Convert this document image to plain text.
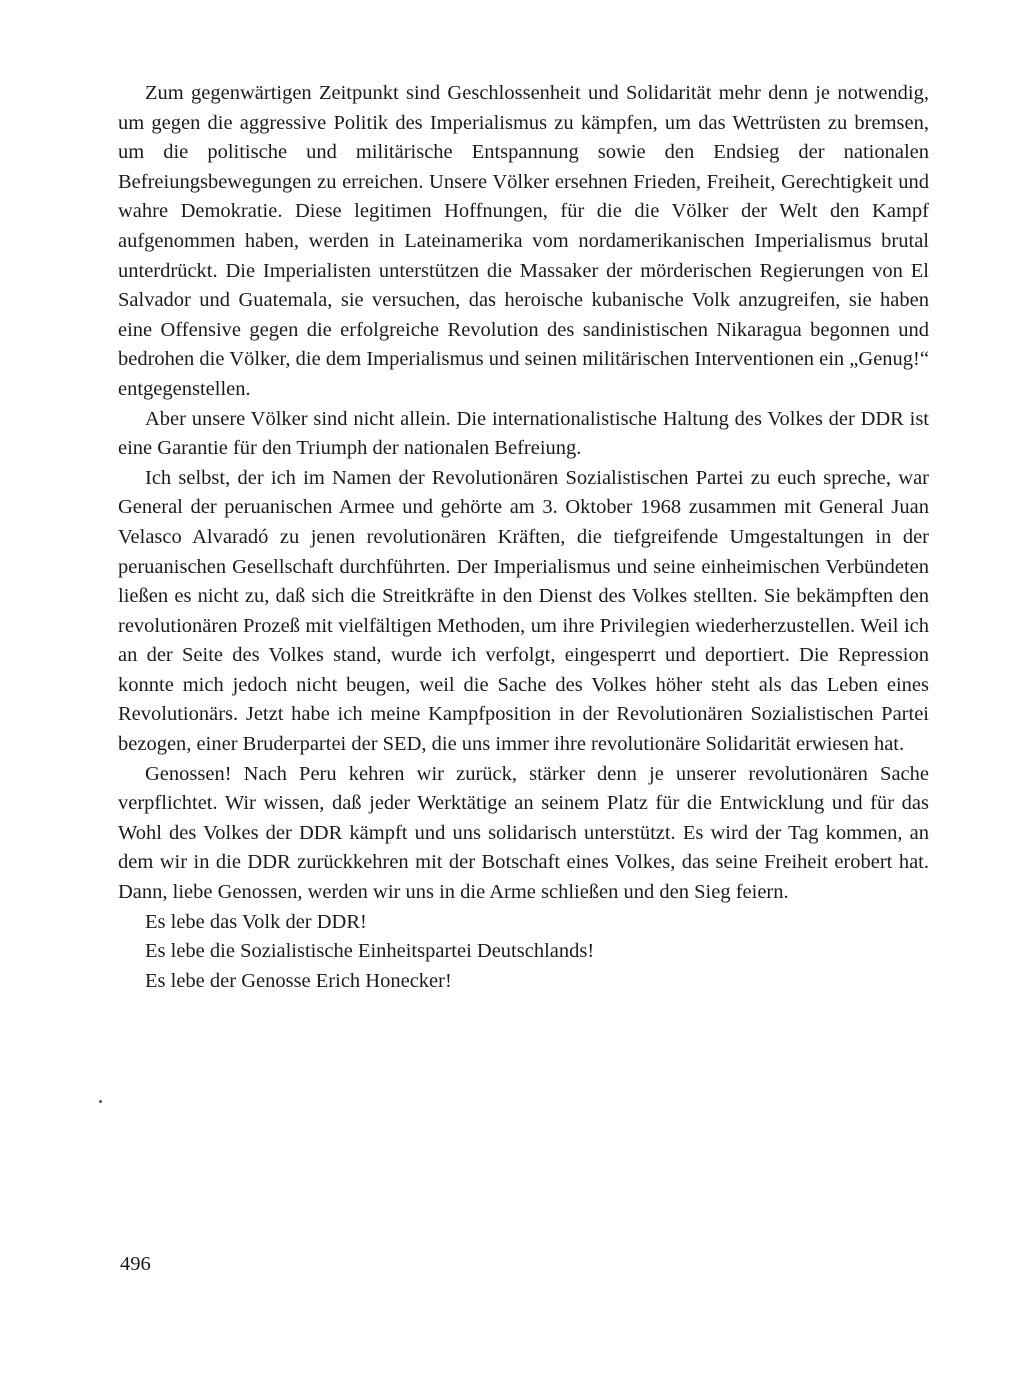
Zum gegenwärtigen Zeitpunkt sind Geschlossenheit und Solidarität mehr denn je notwendig, um gegen die aggressive Politik des Imperialismus zu kämpfen, um das Wettrüsten zu bremsen, um die politische und militärische Entspannung sowie den Endsieg der nationalen Befreiungsbewegungen zu erreichen. Unsere Völker ersehnen Frieden, Freiheit, Gerechtigkeit und wahre Demokratie. Diese legitimen Hoffnungen, für die die Völker der Welt den Kampf aufgenommen haben, werden in Lateinamerika vom nordamerikanischen Imperialismus brutal unterdrückt. Die Imperialisten unterstützen die Massaker der mörderischen Regierungen von El Salvador und Guatemala, sie versuchen, das heroische kubanische Volk anzugreifen, sie haben eine Offensive gegen die erfolgreiche Revolution des sandinistischen Nikaragua begonnen und bedrohen die Völker, die dem Imperialismus und seinen militärischen Interventionen ein „Genug!“ entgegenstellen.

Aber unsere Völker sind nicht allein. Die internationalistische Haltung des Volkes der DDR ist eine Garantie für den Triumph der nationalen Befreiung.

Ich selbst, der ich im Namen der Revolutionären Sozialistischen Partei zu euch spreche, war General der peruanischen Armee und gehörte am 3. Oktober 1968 zusammen mit General Juan Velasco Alvaradó zu jenen revolutionären Kräften, die tiefgreifende Umgestaltungen in der peruanischen Gesellschaft durchführten. Der Imperialismus und seine einheimischen Verbündeten ließen es nicht zu, daß sich die Streitkräfte in den Dienst des Volkes stellten. Sie bekämpften den revolutionären Prozeß mit vielfältigen Methoden, um ihre Privilegien wiederherzustellen. Weil ich an der Seite des Volkes stand, wurde ich verfolgt, eingesperrt und deportiert. Die Repression konnte mich jedoch nicht beugen, weil die Sache des Volkes höher steht als das Leben eines Revolutionärs. Jetzt habe ich meine Kampfposition in der Revolutionären Sozialistischen Partei bezogen, einer Bruderpartei der SED, die uns immer ihre revolutionäre Solidarität erwiesen hat.

Genossen! Nach Peru kehren wir zurück, stärker denn je unserer revolutionären Sache verpflichtet. Wir wissen, daß jeder Werktätige an seinem Platz für die Entwicklung und für das Wohl des Volkes der DDR kämpft und uns solidarisch unterstützt. Es wird der Tag kommen, an dem wir in die DDR zurückkehren mit der Botschaft eines Volkes, das seine Freiheit erobert hat. Dann, liebe Genossen, werden wir uns in die Arme schließen und den Sieg feiern.

Es lebe das Volk der DDR!

Es lebe die Sozialistische Einheitspartei Deutschlands!

Es lebe der Genosse Erich Honecker!

496
